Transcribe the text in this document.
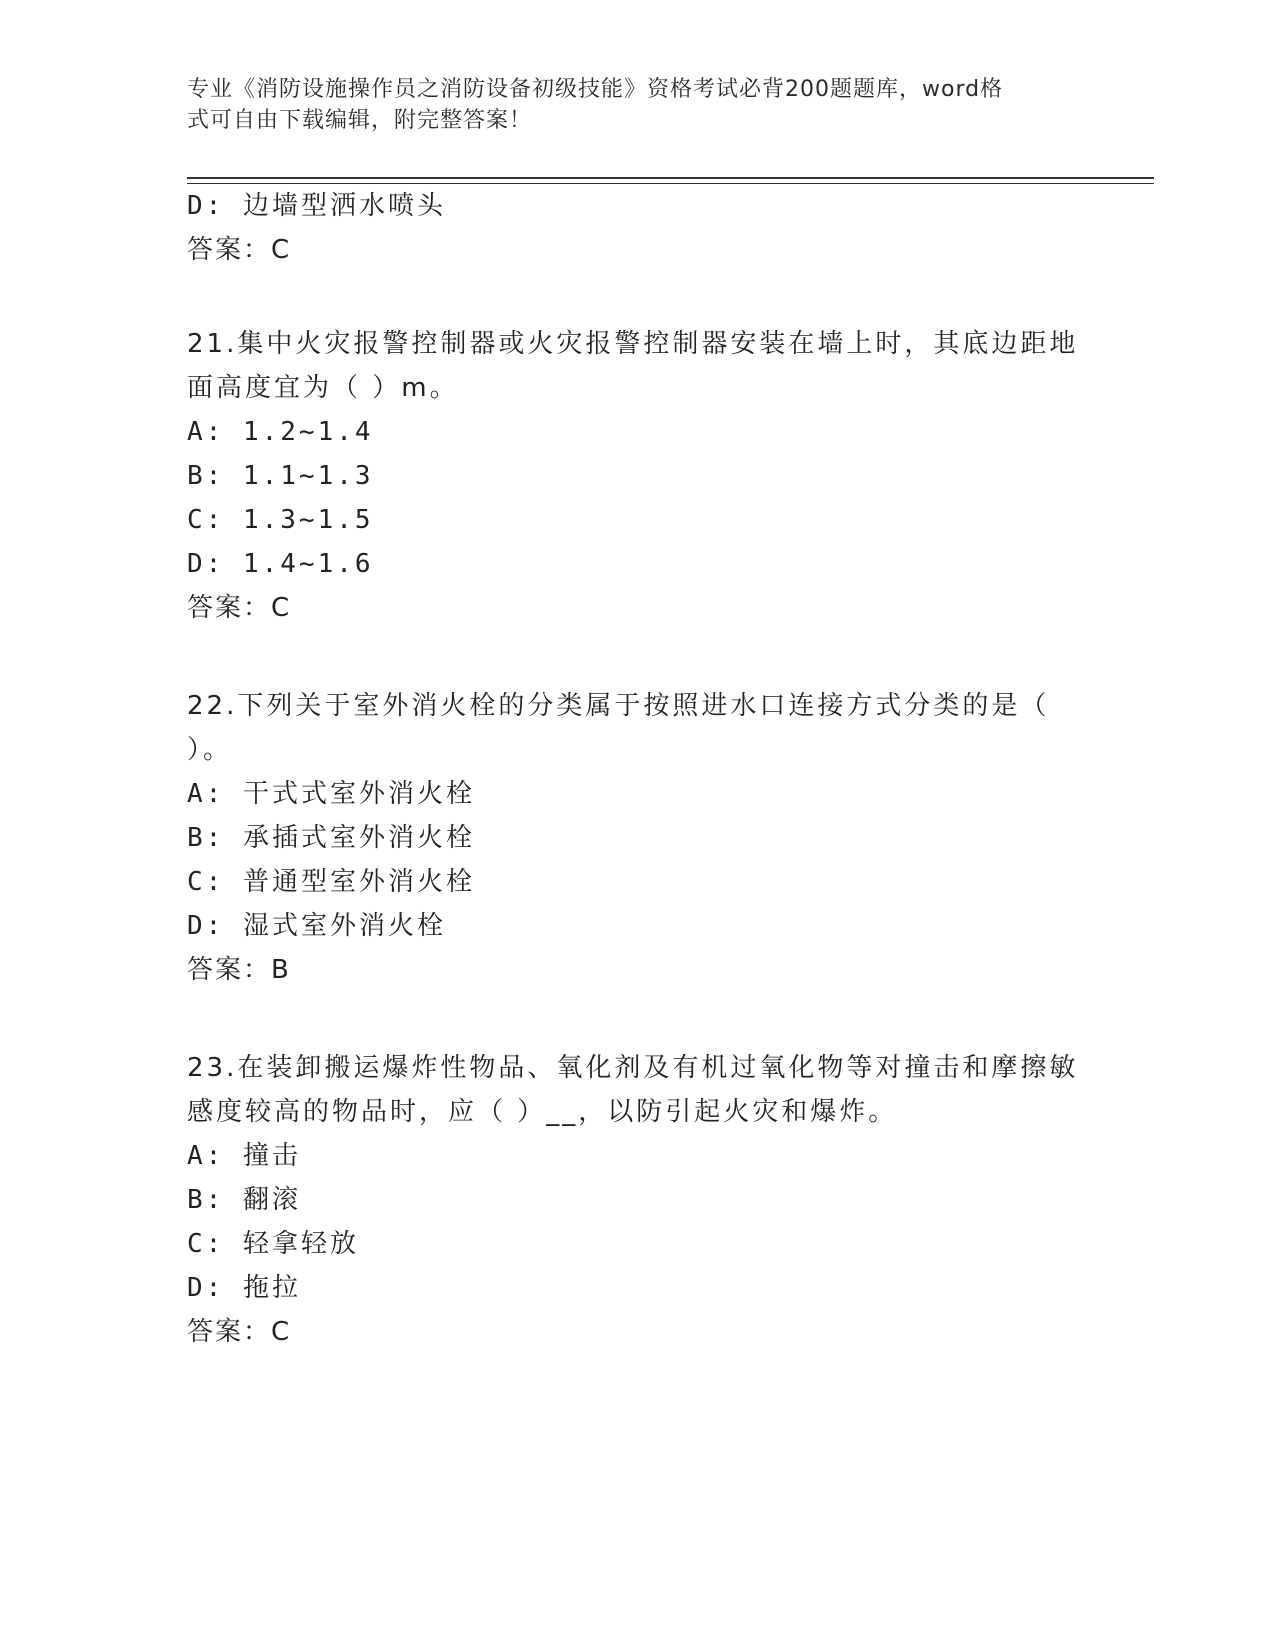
专业《消防设施操作员之消防设备初级技能》资格考试必背200题题库，word格
式可自由下载编辑，附完整答案！
D: 边墙型洒水喷头
答案：C
21.集中火灾报警控制器或火灾报警控制器安装在墙上时，其底边距地
面高度宜为（ ）m。
A: 1.2~1.4
B: 1.1~1.3
C: 1.3~1.5
D: 1.4~1.6
答案：C
22.下列关于室外消火栓的分类属于按照进水口连接方式分类的是（
）。
A: 干式式室外消火栓
B: 承插式室外消火栓
C: 普通型室外消火栓
D: 湿式室外消火栓
答案：B
23.在装卸搬运爆炸性物品、氧化剂及有机过氧化物等对撞击和摩擦敏
感度较高的物品时，应（ ）__，以防引起火灾和爆炸。
A: 撞击
B: 翻滚
C: 轻拿轻放
D: 拖拉
答案：C
